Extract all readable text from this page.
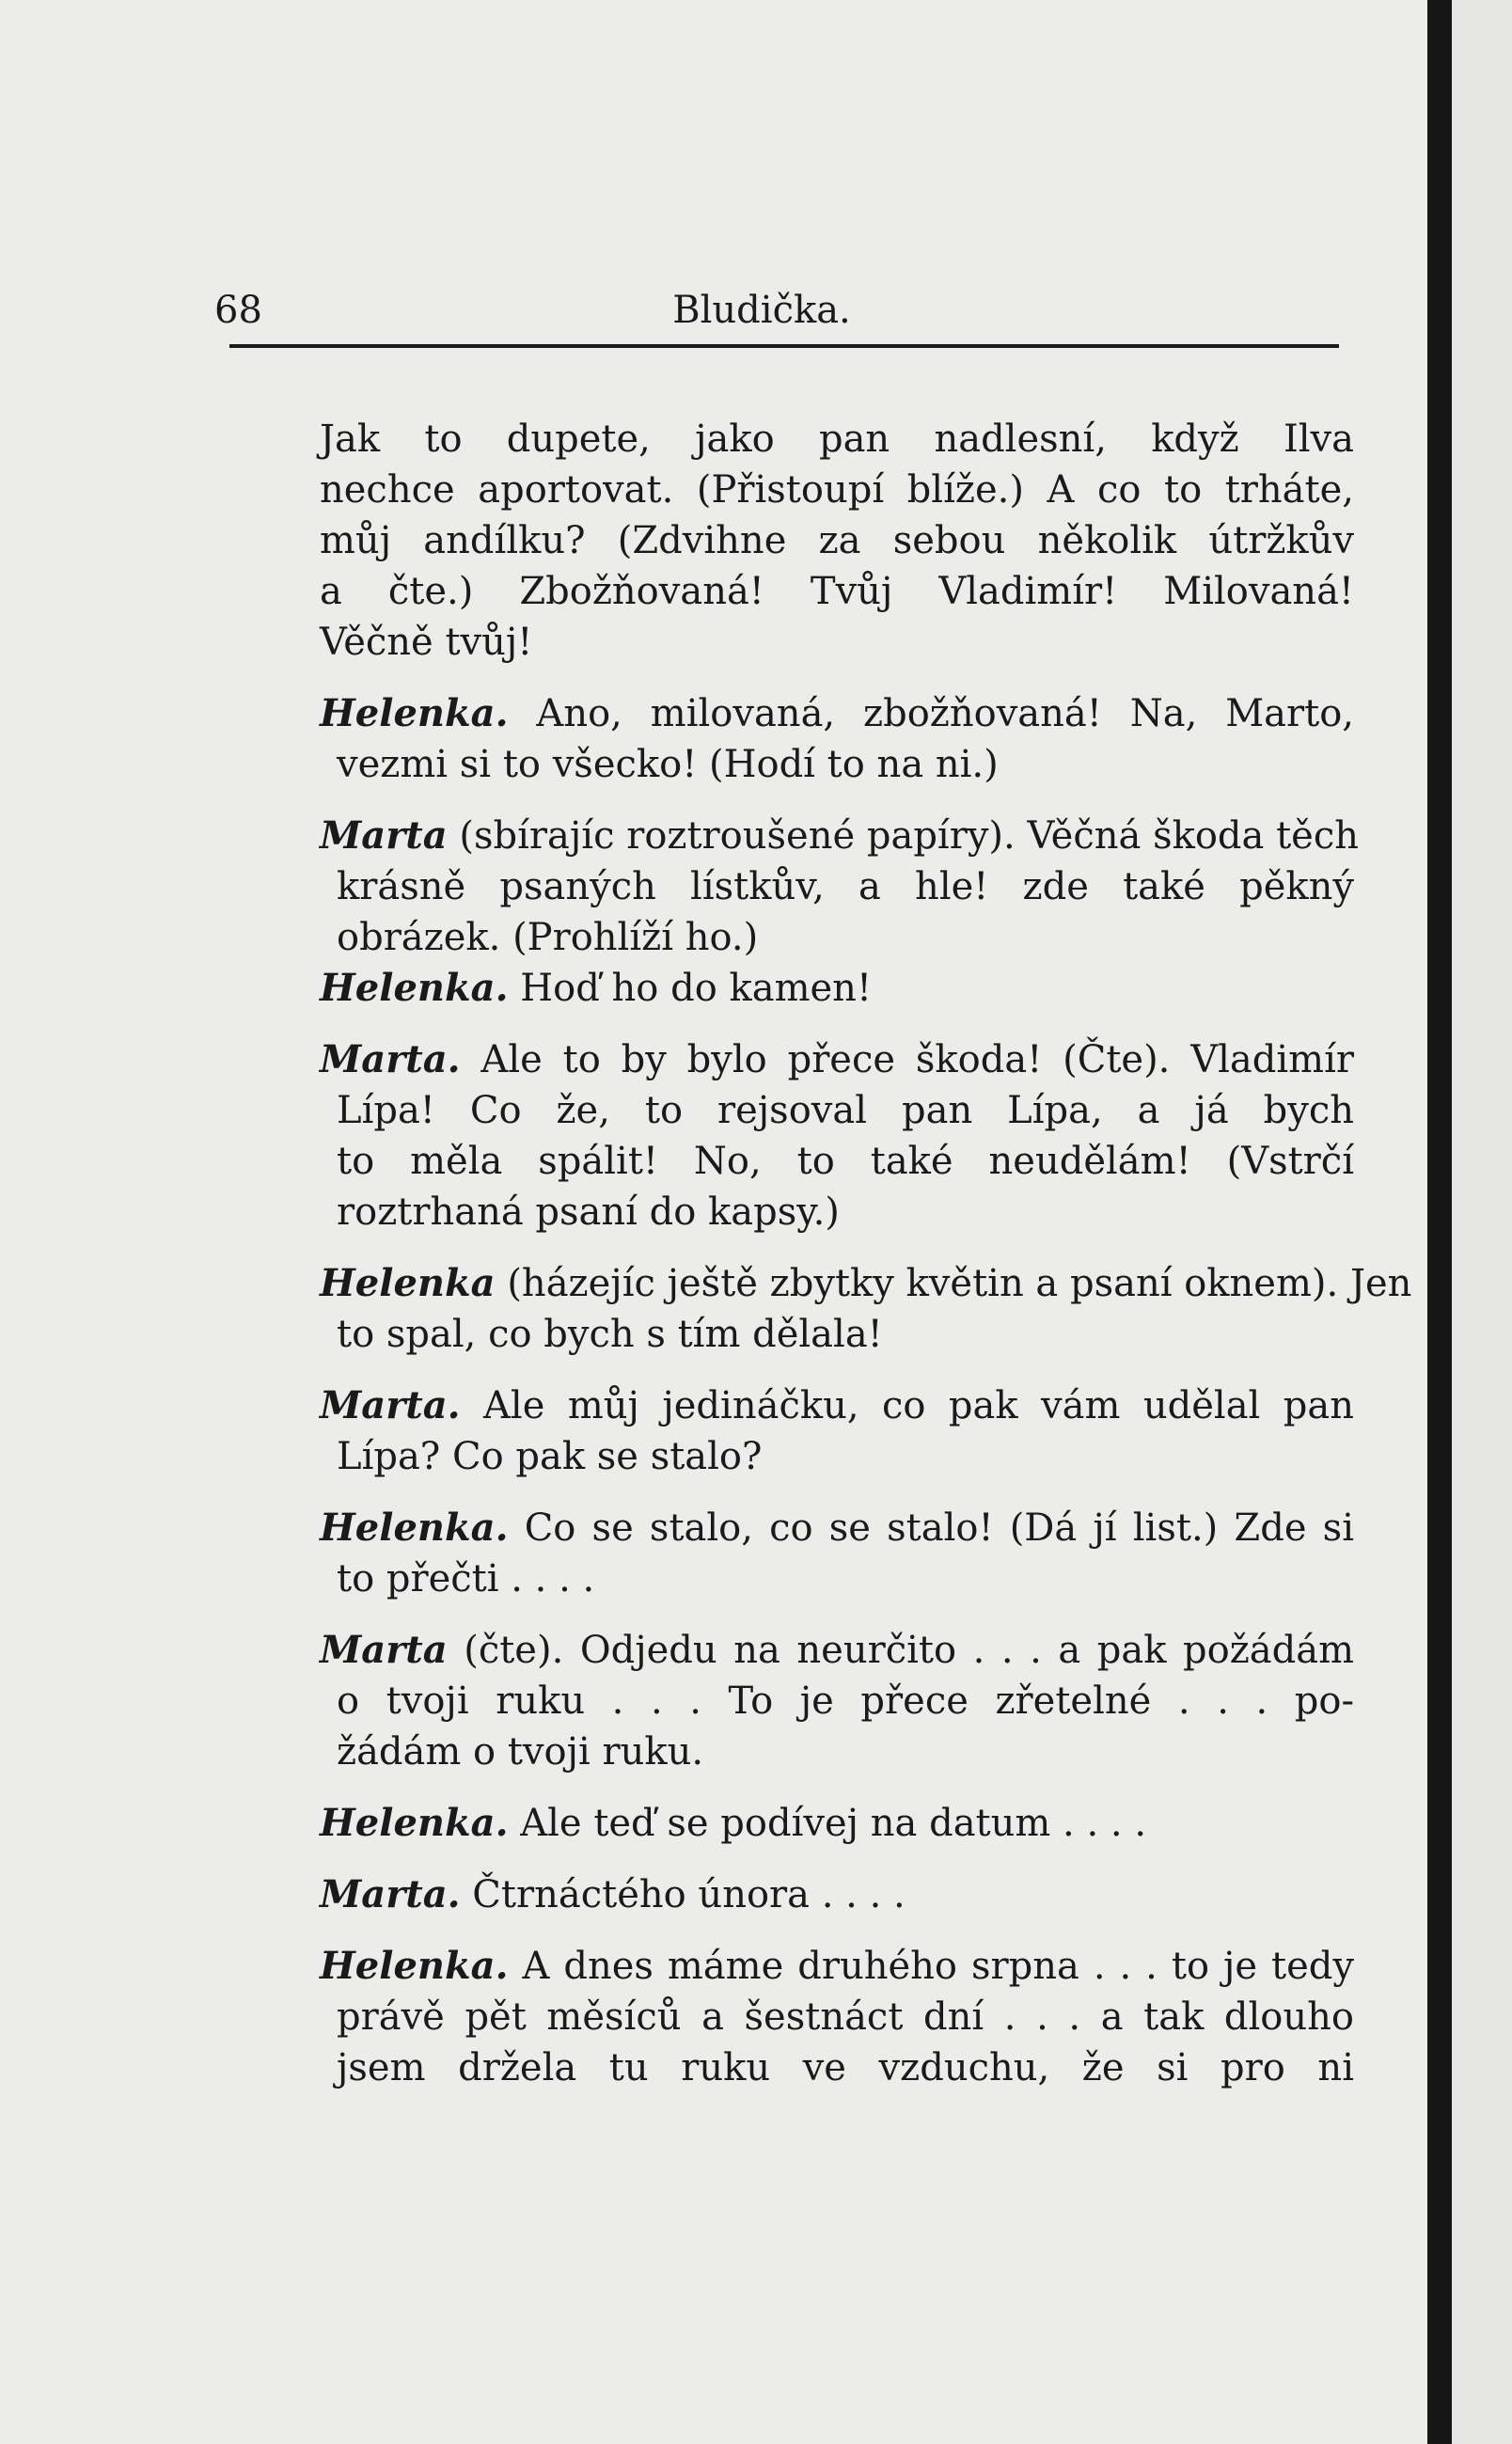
68	Bludička.
Jak to dupete, jako pan nadlesní, když Ilva
nechce aportovat. (Přistoupí blíže.) A co to trháte,
můj andílku? (Zdvihne za sebou několik útržkův
a čte.) Zbožňovaná! Tvůj Vladimír! Milovaná!
Věčně tvůj!
Helenka. Ano, milovaná, zbožňovaná! Na, Marto,
vezmi si to všecko! (Hodí to na ni.)
Marta (sbírajíc roztroušené papíry). Věčná škoda těch
krásně psaných lístkův, a hle! zde také pěkný
obrázek. (Prohlíží ho.)
Helenka. Hoď ho do kamen!
Marta. Ale to by bylo přece škoda! (Čte). Vladimír
Lípa! Co že, to rejsoval pan Lípa, a já bych
to měla spálit! No, to také neudělám! (Vstrčí
roztrhaná psaní do kapsy.)
Helenka (házejíc ještě zbytky květin a psaní oknem). Jen
to spal, co bych s tím dělala!
Marta. Ale můj jedináčku, co pak vám udělal pan
Lípa? Co pak se stalo?
Helenka. Co se stalo, co se stalo! (Dá jí list.) Zde si
to přečti . . . .
Marta (čte). Odjedu na neurčito . . . a pak požádám
o tvoji ruku . . . To je přece zřetelné . . . po-
žádám o tvoji ruku.
Helenka. Ale teď se podívej na datum . . . .
Marta. Čtrnáctého února . . . .
Helenka. A dnes máme druhého srpna . . . to je tedy
právě pět měsíců a šestnáct dní . . . a tak dlouho
jsem držela tu ruku ve vzduchu, že si pro ni
